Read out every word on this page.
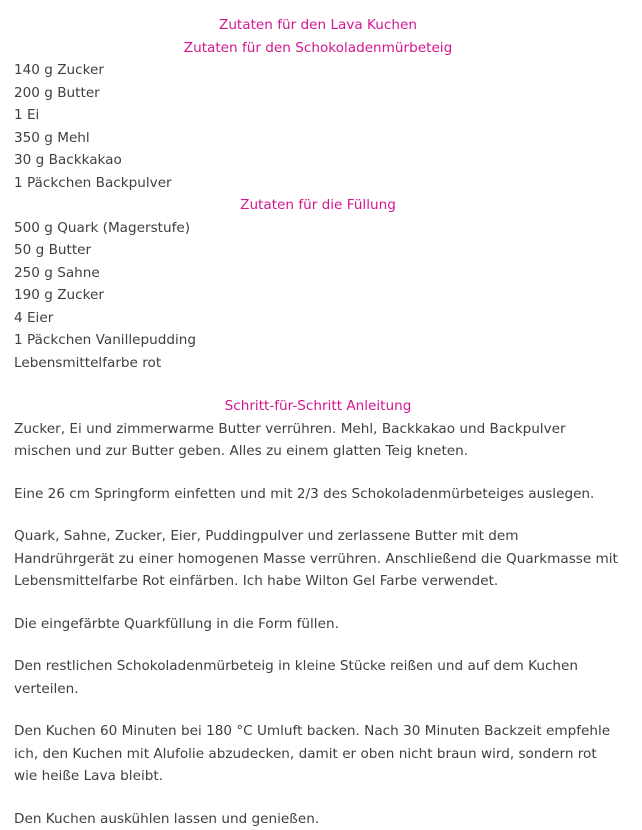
Zutaten für den Lava Kuchen
Zutaten für den Schokoladenmürbeteig
140 g Zucker
200 g Butter
1 Ei
350 g Mehl
30 g Backkakao
1 Päckchen Backpulver
Zutaten für die Füllung
500 g Quark (Magerstufe)
50 g Butter
250 g Sahne
190 g Zucker
4 Eier
1 Päckchen Vanillepudding
Lebensmittelfarbe rot
Schritt-für-Schritt Anleitung

Zucker, Ei und zimmerwarme Butter verrühren. Mehl, Backkakao und Backpulver mischen und zur Butter geben. Alles zu einem glatten Teig kneten.

Eine 26 cm Springform einfetten und mit 2/3 des Schokoladenmürbeteiges auslegen.

Quark, Sahne, Zucker, Eier, Puddingpulver und zerlassene Butter mit dem Handrührgerät zu einer homogenen Masse verrühren. Anschließend die Quarkmasse mit Lebensmittelfarbe Rot einfärben. Ich habe Wilton Gel Farbe verwendet.

Die eingefärbte Quarkfüllung in die Form füllen.

Den restlichen Schokoladenmürbeteig in kleine Stücke reißen und auf dem Kuchen verteilen.

Den Kuchen 60 Minuten bei 180 °C Umluft backen. Nach 30 Minuten Backzeit empfehle ich, den Kuchen mit Alufolie abzudecken, damit er oben nicht braun wird, sondern rot wie heiße Lava bleibt.

Den Kuchen auskühlen lassen und genießen.
